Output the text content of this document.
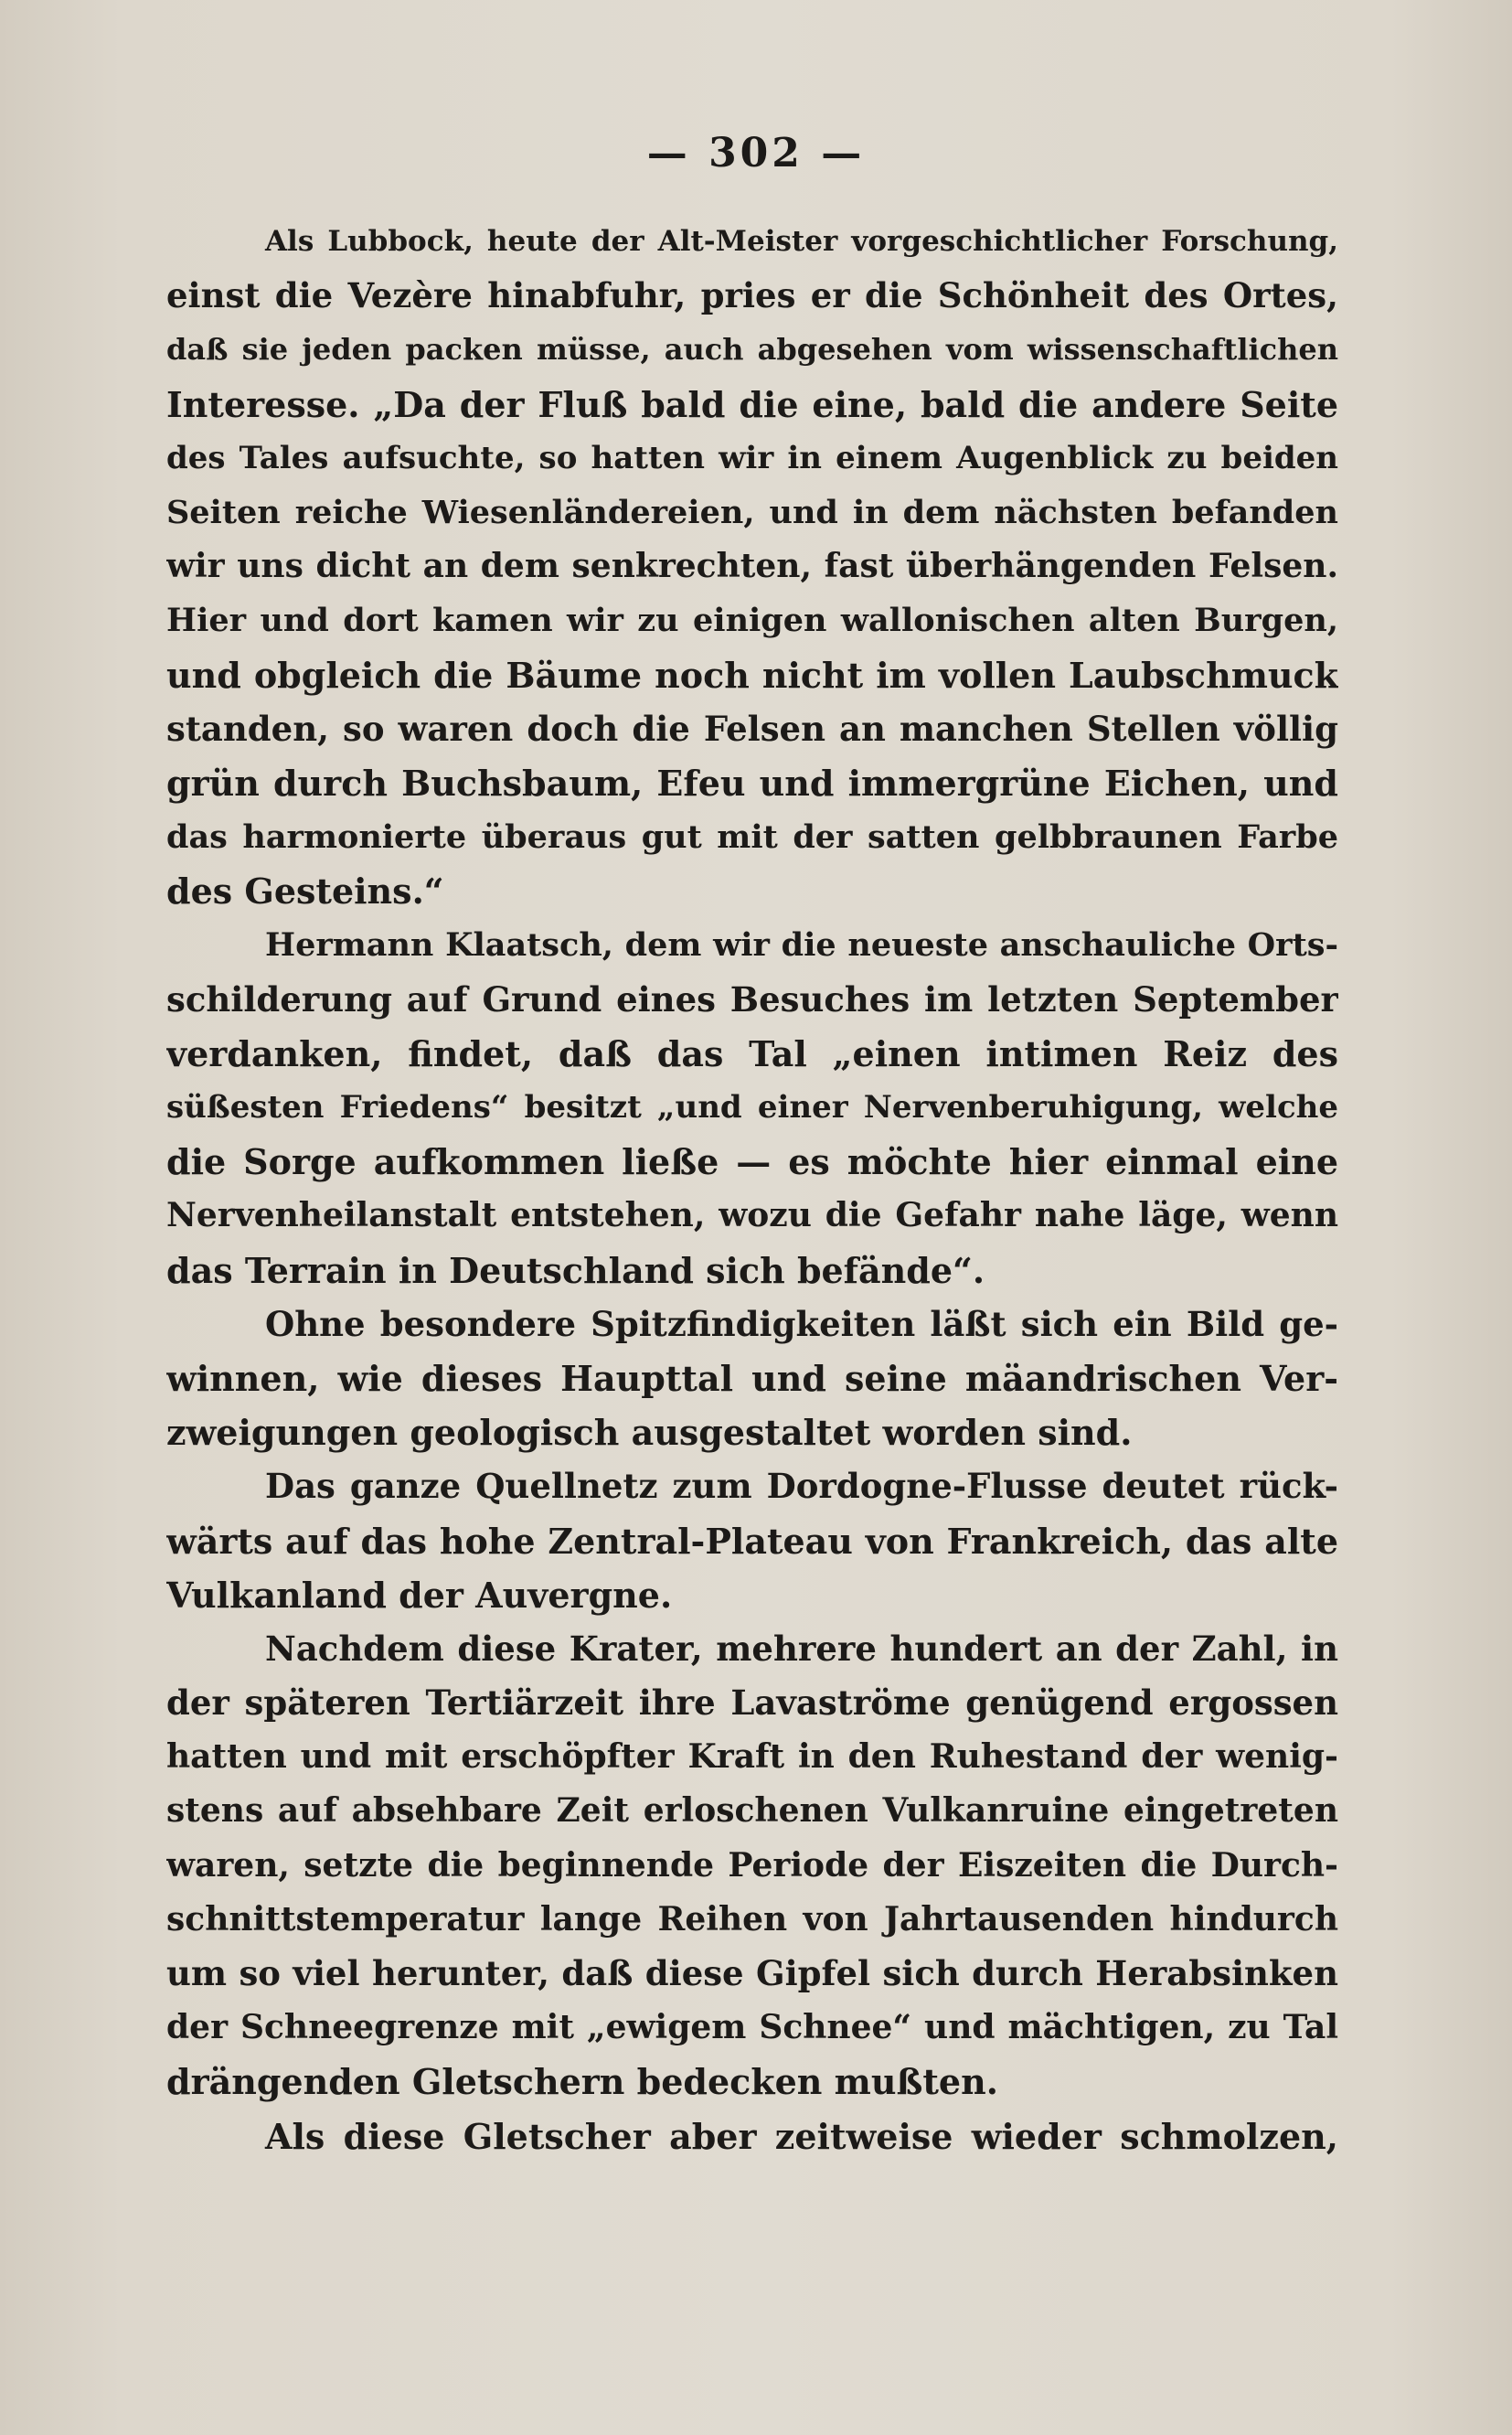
— 302 —
Als Lubbock, heute der Alt-Meister vorgeschichtlicher Forschung,
einst die Vezère hinabfuhr, pries er die Schönheit des Ortes,
daß sie jeden packen müsse, auch abgesehen vom wissenschaftlichen
Interesse. „Da der Fluß bald die eine, bald die andere Seite
des Tales aufsuchte, so hatten wir in einem Augenblick zu beiden
Seiten reiche Wiesenländereien, und in dem nächsten befanden
wir uns dicht an dem senkrechten, fast überhängenden Felsen.
Hier und dort kamen wir zu einigen wallonischen alten Burgen,
und obgleich die Bäume noch nicht im vollen Laubschmuck
standen, so waren doch die Felsen an manchen Stellen völlig
grün durch Buchsbaum, Efeu und immergrüne Eichen, und
das harmonierte überaus gut mit der satten gelbbraunen Farbe
des Gesteins.“
Hermann Klaatsch, dem wir die neueste anschauliche Orts-
schilderung auf Grund eines Besuches im letzten September
verdanken, findet, daß das Tal „einen intimen Reiz des
süßesten Friedens“ besitzt „und einer Nervenberuhigung, welche
die Sorge aufkommen ließe — es möchte hier einmal eine
Nervenheilanstalt entstehen, wozu die Gefahr nahe läge, wenn
das Terrain in Deutschland sich befände“.
Ohne besondere Spitzfindigkeiten läßt sich ein Bild ge-
winnen, wie dieses Haupttal und seine mäandrischen Ver-
zweigungen geologisch ausgestaltet worden sind.
Das ganze Quellnetz zum Dordogne-Flusse deutet rück-
wärts auf das hohe Zentral-Plateau von Frankreich, das alte
Vulkanland der Auvergne.
Nachdem diese Krater, mehrere hundert an der Zahl, in
der späteren Tertiärzeit ihre Lavaströme genügend ergossen
hatten und mit erschöpfter Kraft in den Ruhestand der wenig-
stens auf absehbare Zeit erloschenen Vulkanruine eingetreten
waren, setzte die beginnende Periode der Eiszeiten die Durch-
schnittstemperatur lange Reihen von Jahrtausenden hindurch
um so viel herunter, daß diese Gipfel sich durch Herabsinken
der Schneegrenze mit „ewigem Schnee“ und mächtigen, zu Tal
drängenden Gletschern bedecken mußten.
Als diese Gletscher aber zeitweise wieder schmolzen,
